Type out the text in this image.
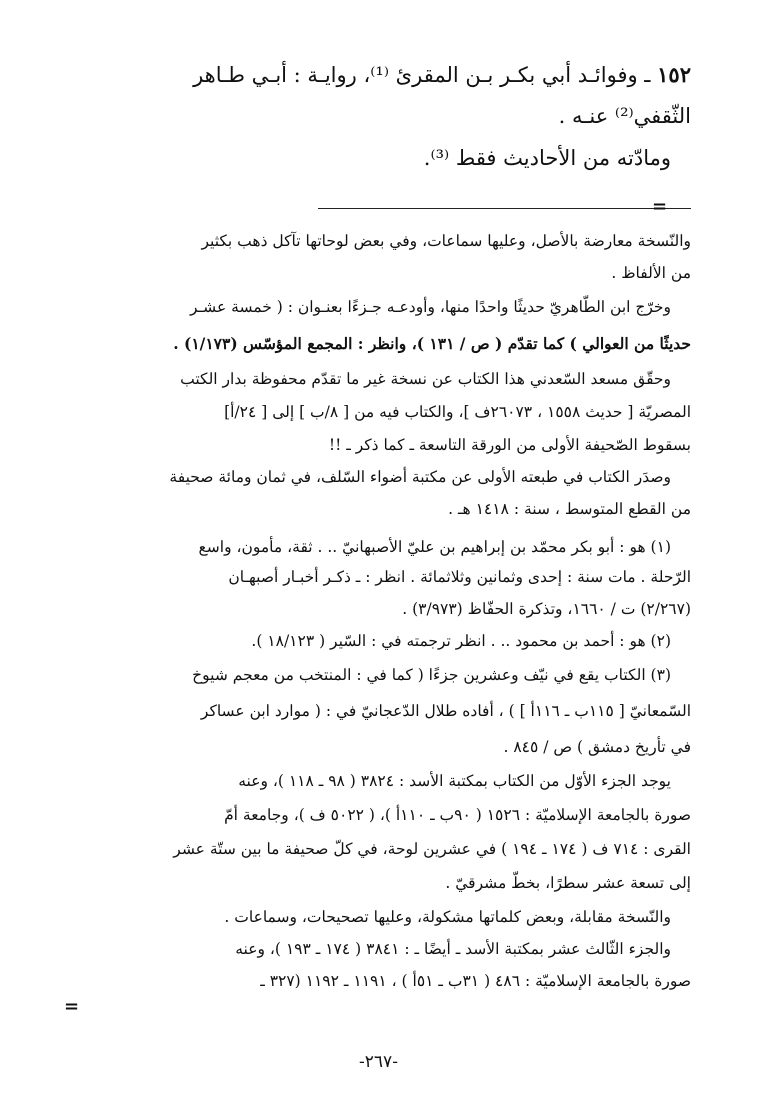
١٥٢ ـ وفوائـد أبي بكـر بـن المقرئ ⁽¹⁾، روايـة : أبـي طـاهر
الثّقفي⁽²⁾ عنـه .
ومادّته من الأحاديث فقط ⁽³⁾.
=
والنّسخة معارضة بالأصل، وعليها سماعات، وفي بعض لوحاتها تآكل ذهب بكثير
من الألفاظ .
وخرّج ابن الطّاهريّ حديثًا واحدًا منها، وأودعـه جـزءًا بعنـوان : ( خمسة عشـر
حديثًا من العوالي ) كما تقدّم ( ص / ١٣١ )، وانظر : المجمع المؤسّس (١/١٧٣) .
وحقّق مسعد السّعدني هذا الكتاب عن نسخة غير ما تقدّم محفوظة بدار الكتب
المصريّة [ حديث ١٥٥٨ ، ٢٦٠٧٣ف ]، والكتاب فيه من [ ٨/ب ] إلى [ ٢٤/أ]
بسقوط الصّحيفة الأولى من الورقة التاسعة ـ كما ذكر ـ !!
وصدَر الكتاب في طبعته الأولى عن مكتبة أضواء السّلف، في ثمان ومائة صحيفة
من القطع المتوسط ، سنة : ١٤١٨ هـ .
(١) هو : أبو بكر محمّد بن إبراهيم بن عليّ الأصبهانيّ .. . ثقة، مأمون، واسع
الرّحلة . مات سنة : إحدى وثمانين وثلاثمائة . انظر : ـ ذكـر أخبـار أصبهـان
(٢/٢٦٧) ت / ١٦٦٠، وتذكرة الحفّاظ (٣/٩٧٣) .
(٢) هو : أحمد بن محمود .. . انظر ترجمته في : السّير ( ١٨/١٢٣ ).
(٣) الكتاب يقع في نيّف وعشرين جزءًا ( كما في : المنتخب من معجم شيوخ
السّمعانيّ [ ١١٥ب ـ ١١٦أ ] ) ، أفاده طلال الدّعجانيّ في : ( موارد ابن عساكر
في تأريخ دمشق ) ص / ٨٤٥ .
يوجد الجزء الأوّل من الكتاب بمكتبة الأسد : ٣٨٢٤ ( ٩٨ ـ ١١٨ )، وعنه
صورة بالجامعة الإسلاميّة : ١٥٢٦ ( ٩٠ب ـ ١١٠أ )، ( ٥٠٢٢ ف )، وجامعة أمّ
القرى : ٧١٤ ف ( ١٧٤ ـ ١٩٤ ) في عشرين لوحة، في كلّ صحيفة ما بين ستّة عشر
إلى تسعة عشر سطرًا، بخطّ مشرقيّ .
والنّسخة مقابلة، وبعض كلماتها مشكولة، وعليها تصحيحات، وسماعات .
والجزء الثّالث عشر بمكتبة الأسد ـ أيضًا ـ : ٣٨٤١ ( ١٧٤ ـ ١٩٣ )، وعنه
صورة بالجامعة الإسلاميّة : ٤٨٦ ( ٣١ب ـ ٥١أ ) ، ١١٩١ ـ ١١٩٢ (٣٢٧ ـ
=
-٢٦٧-
